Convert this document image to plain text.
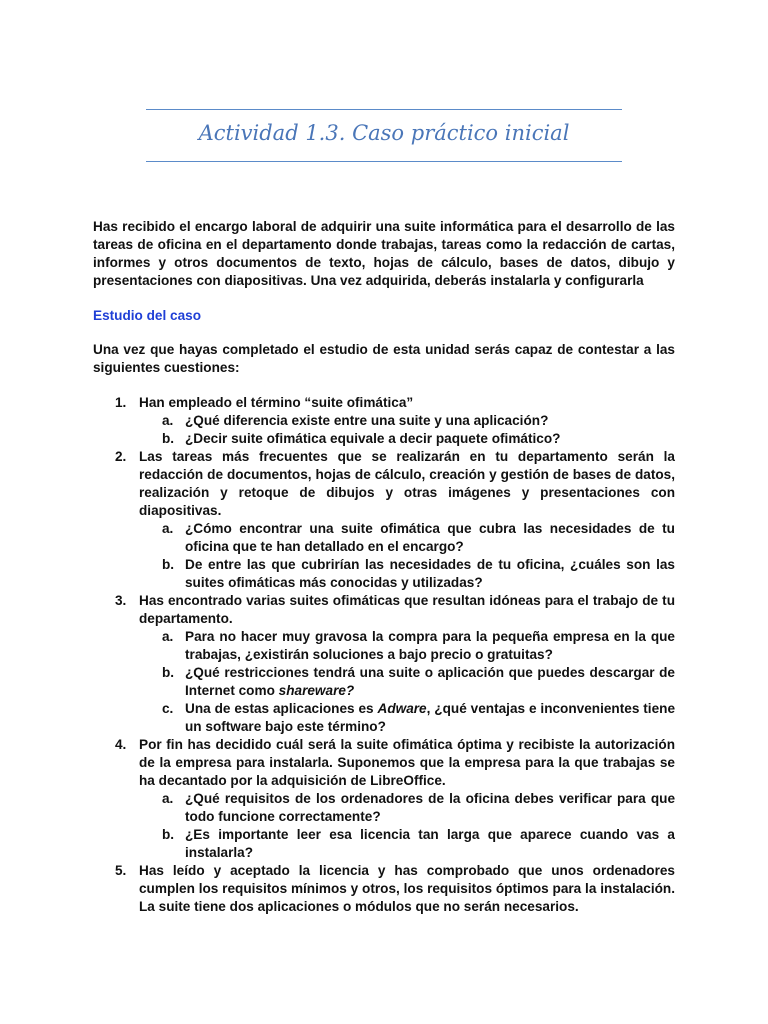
Actividad 1.3. Caso práctico inicial

Has recibido el encargo laboral de adquirir una suite informática para el desarrollo de las tareas de oficina en el departamento donde trabajas, tareas como la redacción de cartas, informes y otros documentos de texto, hojas de cálculo, bases de datos, dibujo y presentaciones con diapositivas. Una vez adquirida, deberás instalarla y configurarla

Estudio del caso

Una vez que hayas completado el estudio de esta unidad serás capaz de contestar a las siguientes cuestiones:

1. Han empleado el término “suite ofimática”
a. ¿Qué diferencia existe entre una suite y una aplicación?
b. ¿Decir suite ofimática equivale a decir paquete ofimático?
2. Las tareas más frecuentes que se realizarán en tu departamento serán la redacción de documentos, hojas de cálculo, creación y gestión de bases de datos, realización y retoque de dibujos y otras imágenes y presentaciones con diapositivas.
a. ¿Cómo encontrar una suite ofimática que cubra las necesidades de tu oficina que te han detallado en el encargo?
b. De entre las que cubrirían las necesidades de tu oficina, ¿cuáles son las suites ofimáticas más conocidas y utilizadas?
3. Has encontrado varias suites ofimáticas que resultan idóneas para el trabajo de tu departamento.
a. Para no hacer muy gravosa la compra para la pequeña empresa en la que trabajas, ¿existirán soluciones a bajo precio o gratuitas?
b. ¿Qué restricciones tendrá una suite o aplicación que puedes descargar de Internet como shareware?
c. Una de estas aplicaciones es Adware, ¿qué ventajas e inconvenientes tiene un software bajo este término?
4. Por fin has decidido cuál será la suite ofimática óptima y recibiste la autorización de la empresa para instalarla. Suponemos que la empresa para la que trabajas se ha decantado por la adquisición de LibreOffice.
a. ¿Qué requisitos de los ordenadores de la oficina debes verificar para que todo funcione correctamente?
b. ¿Es importante leer esa licencia tan larga que aparece cuando vas a instalarla?
5. Has leído y aceptado la licencia y has comprobado que unos ordenadores cumplen los requisitos mínimos y otros, los requisitos óptimos para la instalación. La suite tiene dos aplicaciones o módulos que no serán necesarios.
